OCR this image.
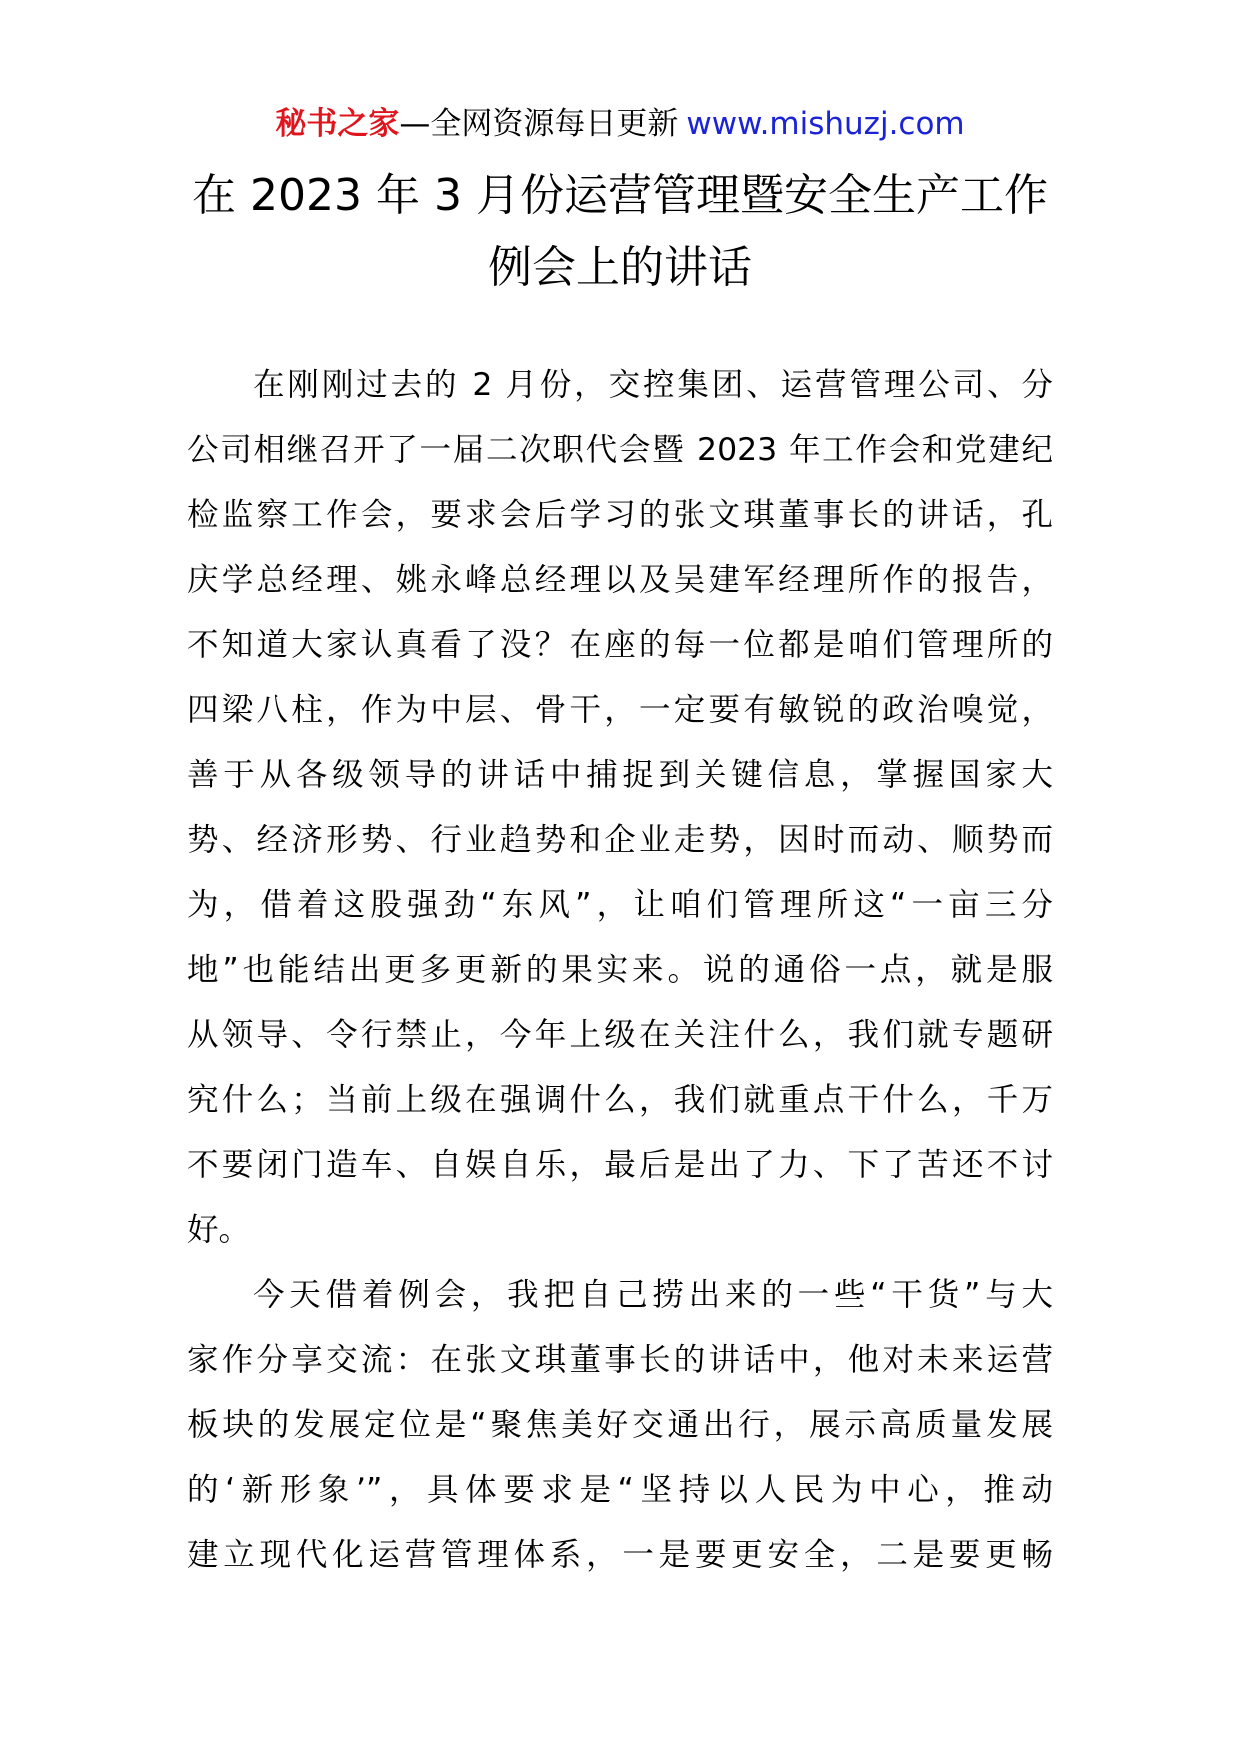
秘书之家—全网资源每日更新 www.mishuzj.com
在 2023 年 3 月份运营管理暨安全生产工作
例会上的讲话
在刚刚过去的 2 月份，交控集团、运营管理公司、分
公司相继召开了一届二次职代会暨 2023 年工作会和党建纪
检监察工作会，要求会后学习的张文琪董事长的讲话，孔
庆学总经理、姚永峰总经理以及吴建军经理所作的报告，
不知道大家认真看了没？在座的每一位都是咱们管理所的
四梁八柱，作为中层、骨干，一定要有敏锐的政治嗅觉，
善于从各级领导的讲话中捕捉到关键信息，掌握国家大
势、经济形势、行业趋势和企业走势，因时而动、顺势而
为，借着这股强劲“东风”，让咱们管理所这“一亩三分
地”也能结出更多更新的果实来。说的通俗一点，就是服
从领导、令行禁止，今年上级在关注什么，我们就专题研
究什么；当前上级在强调什么，我们就重点干什么，千万
不要闭门造车、自娱自乐，最后是出了力、下了苦还不讨
好。
今天借着例会，我把自己捞出来的一些“干货”与大
家作分享交流：在张文琪董事长的讲话中，他对未来运营
板块的发展定位是“聚焦美好交通出行，展示高质量发展
的‘新形象’”，具体要求是“坚持以人民为中心，推动
建立现代化运营管理体系，一是要更安全，二是要更畅
